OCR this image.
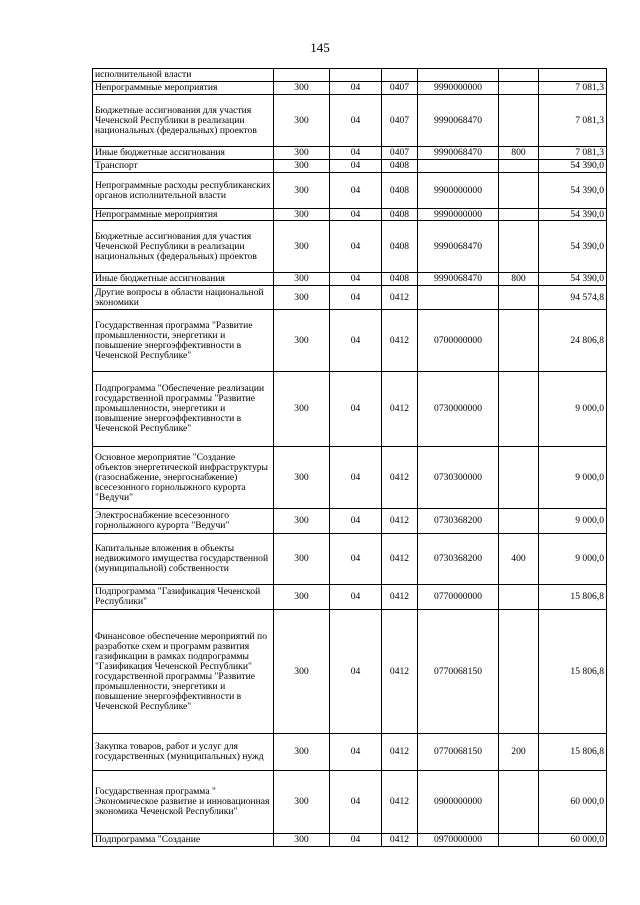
145
исполнительной власти						
Непрограммные мероприятия	300	04	0407	9990000000		7 081,3
Бюджетные ассигнования для участия Чеченской Республики в реализации национальных (федеральных) проектов	300	04	0407	9990068470		7 081,3
Иные бюджетные ассигнования	300	04	0407	9990068470	800	7 081,3
Транспорт	300	04	0408			54 390,0
Непрограммные расходы республиканских органов исполнительной власти	300	04	0408	9900000000		54 390,0
Непрограммные мероприятия	300	04	0408	9990000000		54 390,0
Бюджетные ассигнования для участия Чеченской Республики в реализации национальных (федеральных) проектов	300	04	0408	9990068470		54 390,0
Иные бюджетные ассигнования	300	04	0408	9990068470	800	54 390,0
Другие вопросы в области национальной экономики	300	04	0412			94 574,8
Государственная программа "Развитие промышленности, энергетики и повышение энергоэффективности в Чеченской Республике"	300	04	0412	0700000000		24 806,8
Подпрограмма "Обеспечение реализации государственной программы "Развитие промышленности, энергетики и повышение энергоэффективности в Чеченской Республике"	300	04	0412	0730000000		9 000,0
Основное мероприятие "Создание объектов энергетической инфраструктуры (газоснабжение, энергоснабжение) всесезонного горнолыжного курорта "Ведучи"	300	04	0412	0730300000		9 000,0
Электроснабжение всесезонного горнолыжного курорта "Ведучи"	300	04	0412	0730368200		9 000,0
Капитальные вложения в объекты недвижимого имущества государственной (муниципальной) собственности	300	04	0412	0730368200	400	9 000,0
Подпрограмма "Газификация Чеченской Республики"	300	04	0412	0770000000		15 806,8
Финансовое обеспечение мероприятий по разработке схем и программ развития газификации в рамках подпрограммы "Газификация Чеченской Республики" государственной программы "Развитие промышленности, энергетики и повышение энергоэффективности в Чеченской Республике"	300	04	0412	0770068150		15 806,8
Закупка товаров, работ и услуг для государственных (муниципальных) нужд	300	04	0412	0770068150	200	15 806,8
Государственная программа " Экономическое развитие и инновационная экономика Чеченской Республики"	300	04	0412	0900000000		60 000,0
Подпрограмма "Создание	300	04	0412	0970000000		60 000,0
